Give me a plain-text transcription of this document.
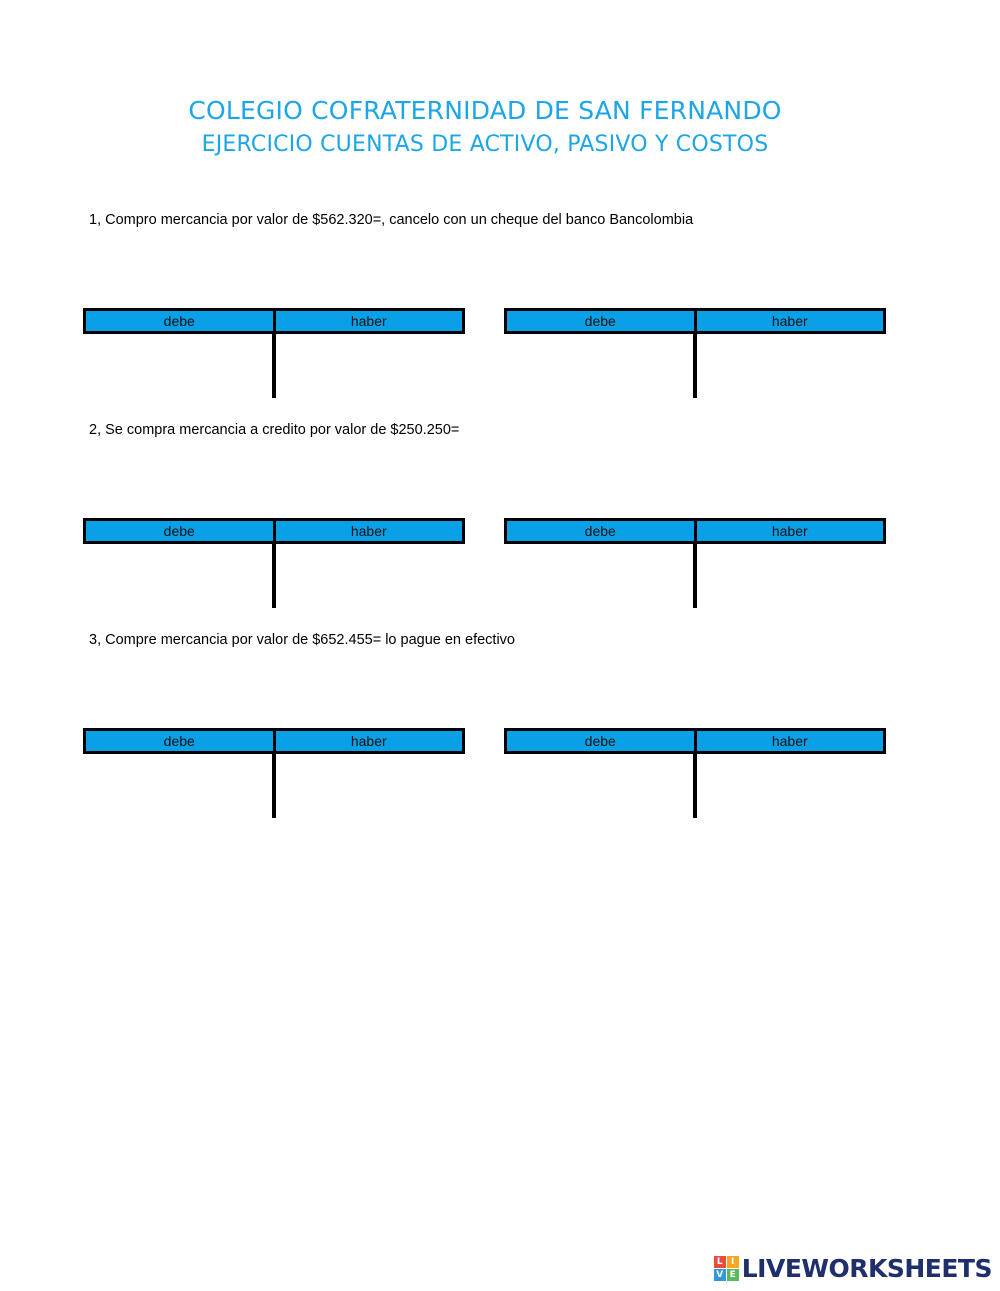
COLEGIO COFRATERNIDAD DE SAN FERNANDO
EJERCICIO CUENTAS DE ACTIVO, PASIVO Y COSTOS
1, Compro mercancia por valor de $562.320=, cancelo con un cheque del banco Bancolombia
debe	haber	debe	haber
2, Se compra mercancia a credito por valor de $250.250=
debe	haber	debe	haber
3, Compre mercancia por valor de $652.455= lo pague en efectivo
debe	haber	debe	haber
L I
V E LIVEWORKSHEETS
